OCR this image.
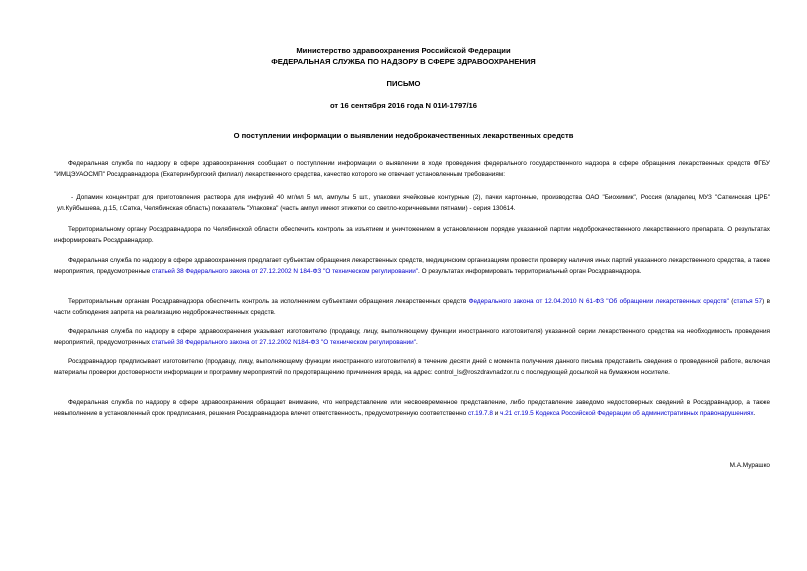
Министерство здравоохранения Российской Федерации
ФЕДЕРАЛЬНАЯ СЛУЖБА ПО НАДЗОРУ В СФЕРЕ ЗДРАВООХРАНЕНИЯ
ПИСЬМО
от 16 сентября 2016 года N 01И-1797/16
О поступлении информации о выявлении недоброкачественных лекарственных средств
Федеральная служба по надзору в сфере здравоохранения сообщает о поступлении информации о выявлении в ходе проведения федерального государственного надзора в сфере обращения лекарственных средств ФГБУ "ИМЦЭУАОСМП" Росздравнадзора (Екатеринбургский филиал) лекарственного средства, качество которого не отвечает установленным требованиям:
- Допамин концентрат для приготовления раствора для инфузий 40 мг/мл 5 мл, ампулы 5 шт., упаковки ячейковые контурные (2), пачки картонные, производства ОАО "Биохимик", Россия (владелец МУЗ "Саткинская ЦРБ" ул.Куйбышева, д.15, г.Сатка, Челябинская область) показатель "Упаковка" (часть ампул имеют этикетки со светло-коричневыми пятнами) - серия 130614.
Территориальному органу Росздравнадзора по Челябинской области обеспечить контроль за изъятием и уничтожением в установленном порядке указанной партии недоброкачественного лекарственного препарата. О результатах информировать Росздравнадзор.
Федеральная служба по надзору в сфере здравоохранения предлагает субъектам обращения лекарственных средств, медицинским организациям провести проверку наличия иных партий указанного лекарственного средства, а также мероприятия, предусмотренные статьей 38 Федерального закона от 27.12.2002 N 184-ФЗ "О техническом регулировании". О результатах информировать территориальный орган Росздравнадзора.
Территориальным органам Росздравнадзора обеспечить контроль за исполнением субъектами обращения лекарственных средств Федерального закона от 12.04.2010 N 61-ФЗ "Об обращении лекарственных средств" (статья 57) в части соблюдения запрета на реализацию недоброкачественных средств.
Федеральная служба по надзору в сфере здравоохранения указывает изготовителю (продавцу, лицу, выполняющему функции иностранного изготовителя) указанной серии лекарственного средства на необходимость проведения мероприятий, предусмотренных статьей 38 Федерального закона от 27.12.2002 N184-ФЗ "О техническом регулировании".
Росздравнадзор предписывает изготовителю (продавцу, лицу, выполняющему функции иностранного изготовителя) в течение десяти дней с момента получения данного письма представить сведения о проведенной работе, включая материалы проверки достоверности информации и программу мероприятий по предотвращению причинения вреда, на адрес: control_ls@roszdravnadzor.ru с последующей досылкой на бумажном носителе.
Федеральная служба по надзору в сфере здравоохранения обращает внимание, что непредставление или несвоевременное представление, либо представление заведомо недостоверных сведений в Росздравнадзор, а также невыполнение в установленный срок предписания, решения Росздравнадзора влечет ответственность, предусмотренную соответственно ст.19.7.8 и ч.21 ст.19.5 Кодекса Российской Федерации об административных правонарушениях.
М.А.Мурашко
